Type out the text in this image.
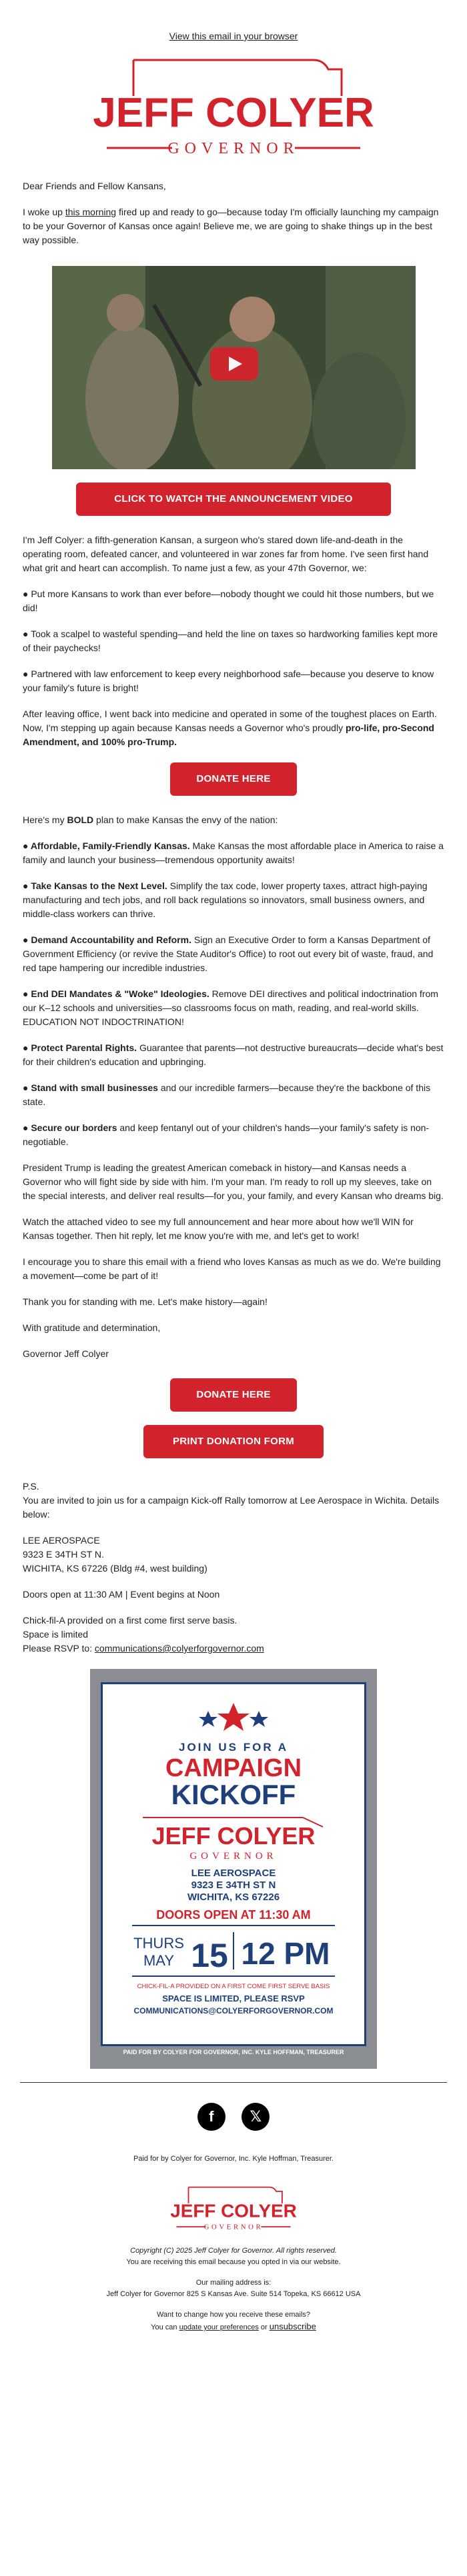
View this email in your browser
JEFF COLYER
GOVERNOR

Dear Friends and Fellow Kansans,

I woke up this morning fired up and ready to go—because today I'm officially launching my campaign to be your Governor of Kansas once again! Believe me, we are going to shake things up in the best way possible.

CLICK TO WATCH THE ANNOUNCEMENT VIDEO

I'm Jeff Colyer: a fifth-generation Kansan, a surgeon who's stared down life-and-death in the operating room, defeated cancer, and volunteered in war zones far from home. I've seen first hand what grit and heart can accomplish. To name just a few, as your 47th Governor, we:

● Put more Kansans to work than ever before—nobody thought we could hit those numbers, but we did!

● Took a scalpel to wasteful spending—and held the line on taxes so hardworking families kept more of their paychecks!

● Partnered with law enforcement to keep every neighborhood safe—because you deserve to know your family's future is bright!

After leaving office, I went back into medicine and operated in some of the toughest places on Earth. Now, I'm stepping up again because Kansas needs a Governor who's proudly pro-life, pro-Second Amendment, and 100% pro-Trump.

DONATE HERE

Here's my BOLD plan to make Kansas the envy of the nation:

● Affordable, Family-Friendly Kansas. Make Kansas the most affordable place in America to raise a family and launch your business—tremendous opportunity awaits!

● Take Kansas to the Next Level. Simplify the tax code, lower property taxes, attract high-paying manufacturing and tech jobs, and roll back regulations so innovators, small business owners, and middle-class workers can thrive.

● Demand Accountability and Reform. Sign an Executive Order to form a Kansas Department of Government Efficiency (or revive the State Auditor's Office) to root out every bit of waste, fraud, and red tape hampering our incredible industries.

● End DEI Mandates & "Woke" Ideologies. Remove DEI directives and political indoctrination from our K–12 schools and universities—so classrooms focus on math, reading, and real-world skills. EDUCATION NOT INDOCTRINATION!

● Protect Parental Rights. Guarantee that parents—not destructive bureaucrats—decide what's best for their children's education and upbringing.

● Stand with small businesses and our incredible farmers—because they're the backbone of this state.

● Secure our borders and keep fentanyl out of your children's hands—your family's safety is non-negotiable.

President Trump is leading the greatest American comeback in history—and Kansas needs a Governor who will fight side by side with him. I'm your man. I'm ready to roll up my sleeves, take on the special interests, and deliver real results—for you, your family, and every Kansan who dreams big.

Watch the attached video to see my full announcement and hear more about how we'll WIN for Kansas together. Then hit reply, let me know you're with me, and let's get to work!

I encourage you to share this email with a friend who loves Kansas as much as we do. We're building a movement—come be part of it!

Thank you for standing with me. Let's make history—again!

With gratitude and determination,

Governor Jeff Colyer

DONATE HERE
PRINT DONATION FORM

P.S.

You are invited to join us for a campaign Kick-off Rally tomorrow at Lee Aerospace in Wichita. Details below:

LEE AEROSPACE

9323 E 34TH ST N.

WICHITA, KS 67226 (Bldg #4, west building)

Doors open at 11:30 AM | Event begins at Noon

Chick-fil-A provided on a first come first serve basis.

Space is limited

Please RSVP to: communications@colyerforgovernor.com

JOIN US FOR A
CAMPAIGN
KICKOFF
JEFF COLYER
GOVERNOR
LEE AEROSPACE
9323 E 34TH ST N
WICHITA, KS 67226
DOORS OPEN AT 11:30 AM
THURS
MAY 15 12 PM
CHICK-FIL-A PROVIDED ON A FIRST COME FIRST SERVE BASIS
SPACE IS LIMITED, PLEASE RSVP
COMMUNICATIONS@COLYERFORGOVERNOR.COM
PAID FOR BY COLYER FOR GOVERNOR, INC. KYLE HOFFMAN, TREASURER
f 𝕏
Paid for by Colyer for Governor, Inc. Kyle Hoffman, Treasurer.
JEFF COLYER
GOVERNOR
Copyright (C) 2025 Jeff Colyer for Governor. All rights reserved.
You are receiving this email because you opted in via our website.
Our mailing address is:
Jeff Colyer for Governor 825 S Kansas Ave. Suite 514 Topeka, KS 66612 USA
Want to change how you receive these emails?
You can update your preferences or unsubscribe
